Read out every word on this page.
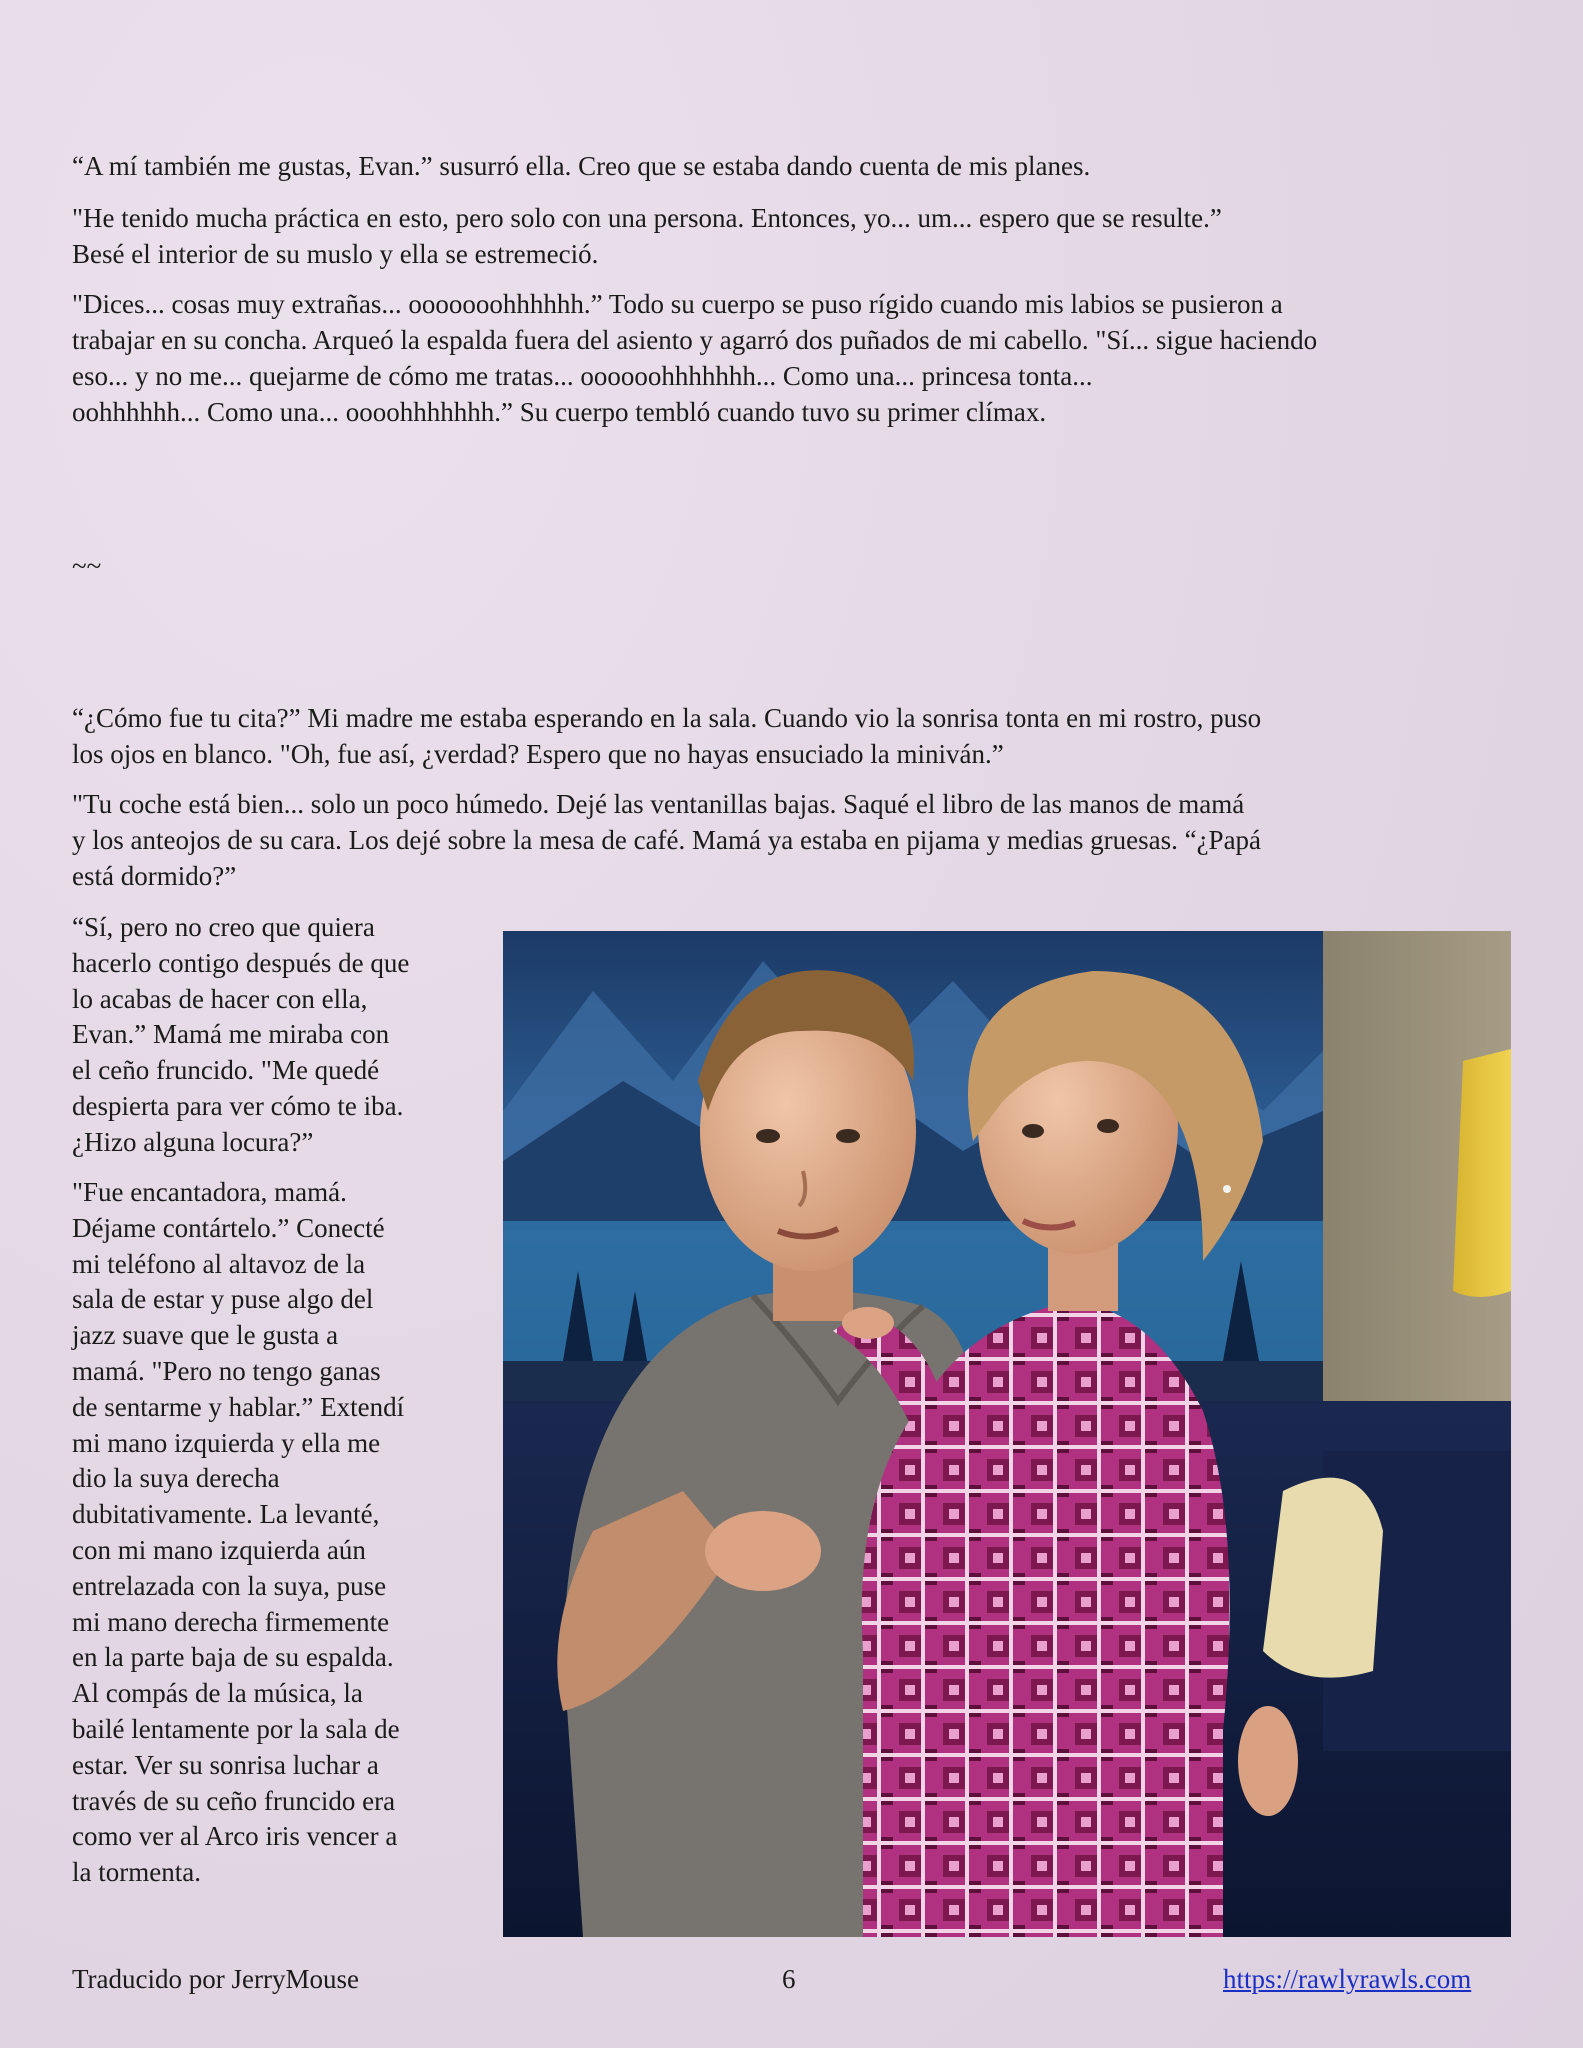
“A mí también me gustas, Evan.” susurró ella. Creo que se estaba dando cuenta de mis planes.

"He tenido mucha práctica en esto, pero solo con una persona. Entonces, yo... um... espero que se resulte.”

Besé el interior de su muslo y ella se estremeció.

"Dices... cosas muy extrañas... ooooooohhhhhh.” Todo su cuerpo se puso rígido cuando mis labios se pusieron a

trabajar en su concha. Arqueó la espalda fuera del asiento y agarró dos puñados de mi cabello. "Sí... sigue haciendo

eso... y no me... quejarme de cómo me tratas... oooooohhhhhhh... Como una... princesa tonta...

oohhhhhh... Como una... oooohhhhhhh.” Su cuerpo tembló cuando tuvo su primer clímax.

~~

“¿Cómo fue tu cita?” Mi madre me estaba esperando en la sala. Cuando vio la sonrisa tonta en mi rostro, puso

los ojos en blanco. "Oh, fue así, ¿verdad? Espero que no hayas ensuciado la miniván.”

"Tu coche está bien... solo un poco húmedo. Dejé las ventanillas bajas. Saqué el libro de las manos de mamá

y los anteojos de su cara. Los dejé sobre la mesa de café. Mamá ya estaba en pijama y medias gruesas. “¿Papá

está dormido?”

“Sí, pero no creo que quiera
hacerlo contigo después de que
lo acabas de hacer con ella,
Evan.” Mamá me miraba con
el ceño fruncido. "Me quedé
despierta para ver cómo te iba.
¿Hizo alguna locura?”
"Fue encantadora, mamá.
Déjame contártelo.” Conecté
mi teléfono al altavoz de la
sala de estar y puse algo del
jazz suave que le gusta a
mamá. "Pero no tengo ganas
de sentarme y hablar.” Extendí
mi mano izquierda y ella me
dio la suya derecha
dubitativamente. La levanté,
con mi mano izquierda aún
entrelazada con la suya, puse
mi mano derecha firmemente
en la parte baja de su espalda.
Al compás de la música, la
bailé lentamente por la sala de
estar. Ver su sonrisa luchar a
través de su ceño fruncido era
como ver al Arco iris vencer a
la tormenta.
Traducido por JerryMouse	6	https://rawlyrawls.com
